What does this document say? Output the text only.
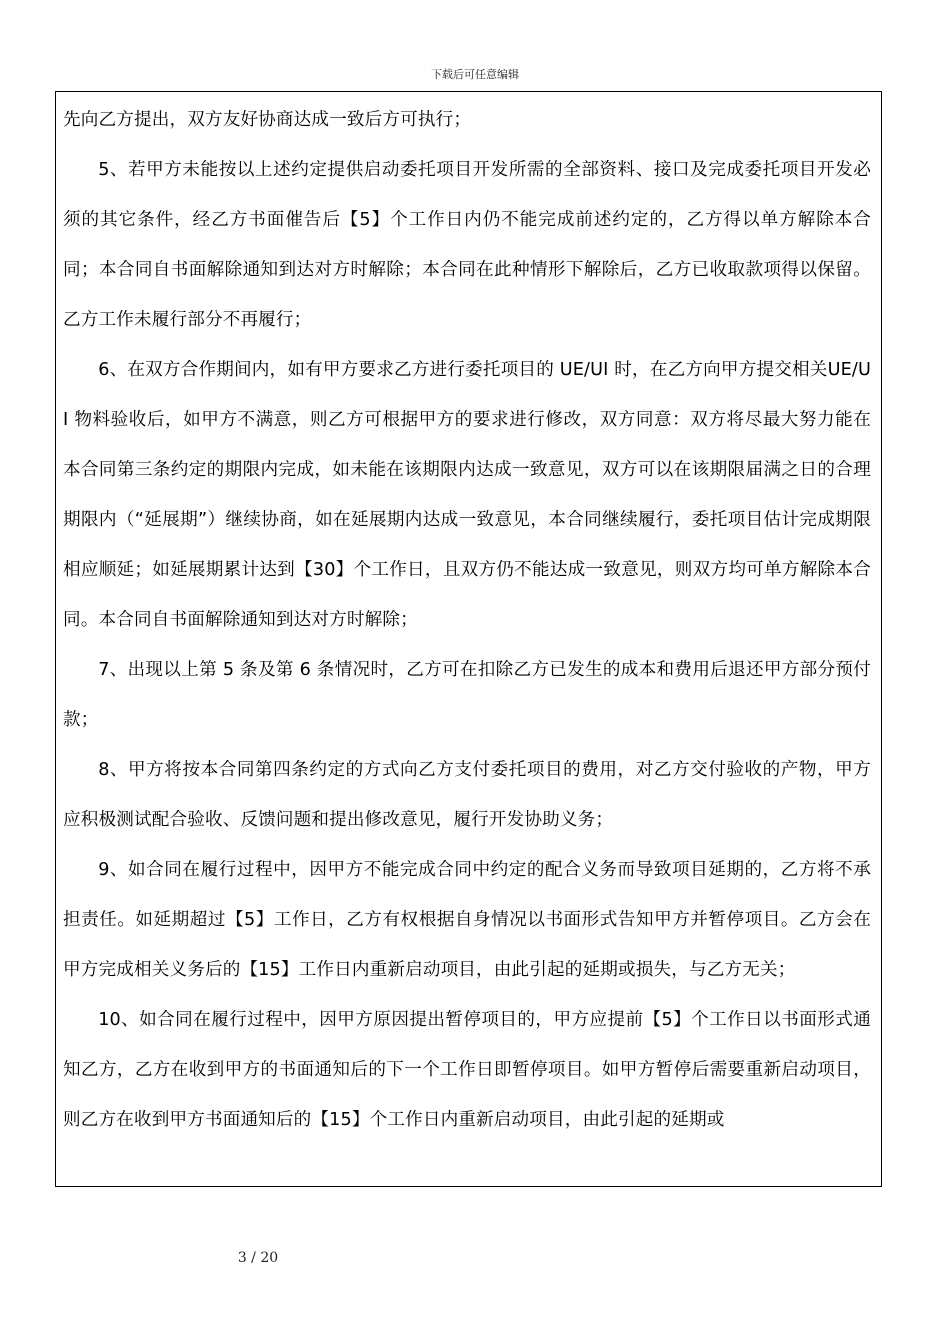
下载后可任意编辑

先向乙方提出，双方友好协商达成一致后方可执行；

5、若甲方未能按以上述约定提供启动委托项目开发所需的全部资料、接口及完成委托项目开发必须的其它条件，经乙方书面催告后【5】个工作日内仍不能完成前述约定的，乙方得以单方解除本合同；本合同自书面解除通知到达对方时解除；本合同在此种情形下解除后，乙方已收取款项得以保留。乙方工作未履行部分不再履行；

6、在双方合作期间内，如有甲方要求乙方进行委托项目的 UE/UI 时，在乙方向甲方提交相关UE/UI 物料验收后，如甲方不满意，则乙方可根据甲方的要求进行修改，双方同意：双方将尽最大努力能在本合同第三条约定的期限内完成，如未能在该期限内达成一致意见，双方可以在该期限届满之日的合理期限内（“延展期”）继续协商，如在延展期内达成一致意见，本合同继续履行，委托项目估计完成期限相应顺延；如延展期累计达到【30】个工作日，且双方仍不能达成一致意见，则双方均可单方解除本合同。本合同自书面解除通知到达对方时解除；

7、出现以上第 5 条及第 6 条情况时，乙方可在扣除乙方已发生的成本和费用后退还甲方部分预付款；

8、甲方将按本合同第四条约定的方式向乙方支付委托项目的费用，对乙方交付验收的产物，甲方应积极测试配合验收、反馈问题和提出修改意见，履行开发协助义务；

9、如合同在履行过程中，因甲方不能完成合同中约定的配合义务而导致项目延期的，乙方将不承担责任。如延期超过【5】工作日，乙方有权根据自身情况以书面形式告知甲方并暂停项目。乙方会在甲方完成相关义务后的【15】工作日内重新启动项目，由此引起的延期或损失，与乙方无关；

10、如合同在履行过程中，因甲方原因提出暂停项目的，甲方应提前【5】个工作日以书面形式通知乙方，乙方在收到甲方的书面通知后的下一个工作日即暂停项目。如甲方暂停后需要重新启动项目，则乙方在收到甲方书面通知后的【15】个工作日内重新启动项目，由此引起的延期或

3 / 20
